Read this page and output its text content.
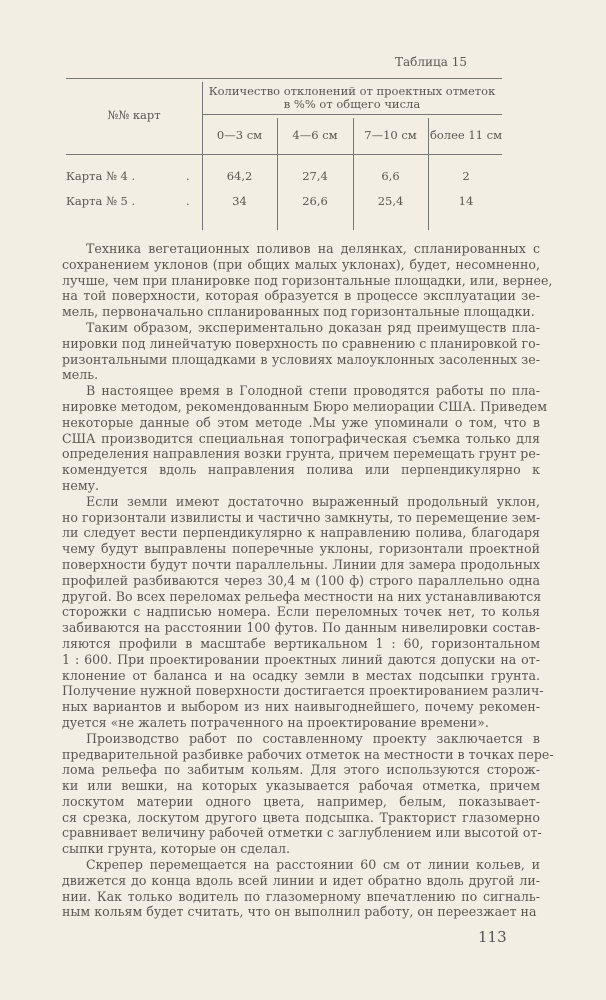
Таблица 15
№№ карт
Количество отклонений от проектных отметок
в %% от общего числа
0—3 см	4—6 см	7—10 см	более 11 см
Карта № 4 .	.	64,2	27,4	6,6	2
Карта № 5 .	.	34	26,6	25,4	14
Техника вегетационных поливов на делянках, спланированных с
сохранением уклонов (при общих малых уклонах), будет, несомненно,
лучше, чем при планировке под горизонтальные площадки, или, вернее,
на той поверхности, которая образуется в процессе эксплуатации зе-
мель, первоначально спланированных под горизонтальные площадки.
Таким образом, экспериментально доказан ряд преимуществ пла-
нировки под линейчатую поверхность по сравнению с планировкой го-
ризонтальными площадками в условиях малоуклонных засоленных зе-
мель.
В настоящее время в Голодной степи проводятся работы по пла-
нировке методом, рекомендованным Бюро мелиорации США. Приведем
некоторые данные об этом методе .Мы уже упоминали о том, что в
США производится специальная топографическая съемка только для
определения направления возки грунта, причем перемещать грунт ре-
комендуется вдоль направления полива или перпендикулярно к
нему.
Если земли имеют достаточно выраженный продольный уклон,
но горизонтали извилисты и частично замкнуты, то перемещение зем-
ли следует вести перпендикулярно к направлению полива, благодаря
чему будут выправлены поперечные уклоны, горизонтали проектной
поверхности будут почти параллельны. Линии для замера продольных
профилей разбиваются через 30,4 м (100 ф) строго параллельно одна
другой. Во всех переломах рельефа местности на них устанавливаются
сторожки с надписью номера. Если переломных точек нет, то колья
забиваются на расстоянии 100 футов. По данным нивелировки состав-
ляются профили в масштабе вертикальном 1 : 60, горизонтальном
1 : 600. При проектировании проектных линий даются допуски на от-
клонение от баланса и на осадку земли в местах подсыпки грунта.
Получение нужной поверхности достигается проектированием различ-
ных вариантов и выбором из них наивыгоднейшего, почему рекомен-
дуется «не жалеть потраченного на проектирование времени».
Производство работ по составленному проекту заключается в
предварительной разбивке рабочих отметок на местности в точках пере-
лома рельефа по забитым кольям. Для этого используются сторож-
ки или вешки, на которых указывается рабочая отметка, причем
лоскутом материи одного цвета, например, белым, показывает-
ся срезка, лоскутом другого цвета подсыпка. Тракторист глазомерно
сравнивает величину рабочей отметки с заглублением или высотой от-
сыпки грунта, которые он сделал.
Скрепер перемещается на расстоянии 60 см от линии кольев, и
движется до конца вдоль всей линии и идет обратно вдоль другой ли-
нии. Как только водитель по глазомерному впечатлению по сигналь-
ным кольям будет считать, что он выполнил работу, он переезжает на
113
